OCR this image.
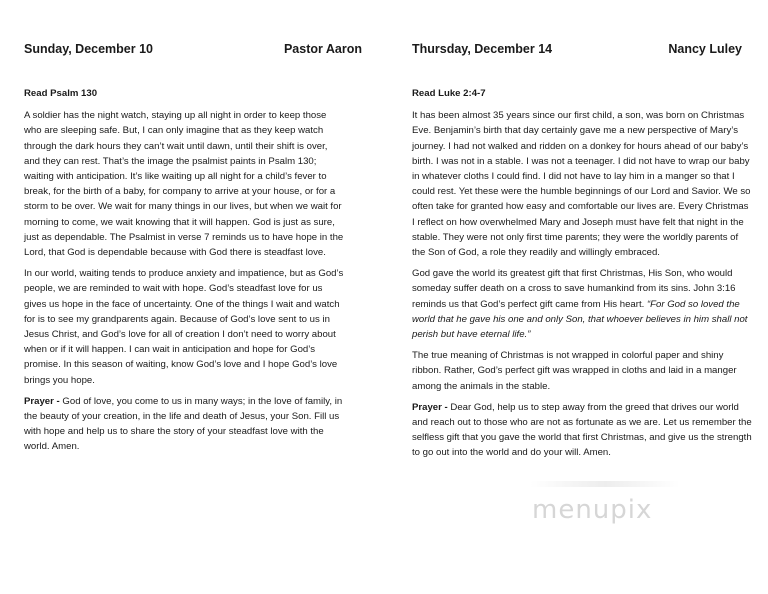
Sunday, December 10	Pastor Aaron
Read Psalm 130

A soldier has the night watch, staying up all night in order to keep those who are sleeping safe. But, I can only imagine that as they keep watch through the dark hours they can’t wait until dawn, until their shift is over, and they can rest. That’s the image the psalmist paints in Psalm 130; waiting with anticipation. It’s like waiting up all night for a child’s fever to break, for the birth of a baby, for company to arrive at your house, or for a storm to be over. We wait for many things in our lives, but when we wait for morning to come, we wait knowing that it will happen. God is just as sure, just as dependable. The Psalmist in verse 7 reminds us to have hope in the Lord, that God is dependable because with God there is steadfast love.

In our world, waiting tends to produce anxiety and impatience, but as God’s people, we are reminded to wait with hope. God’s steadfast love for us gives us hope in the face of uncertainty. One of the things I wait and watch for is to see my grandparents again. Because of God’s love sent to us in Jesus Christ, and God’s love for all of creation I don’t need to worry about when or if it will happen. I can wait in anticipation and hope for God’s promise. In this season of waiting, know God’s love and I hope God’s love brings you hope.

Prayer - God of love, you come to us in many ways; in the love of family, in the beauty of your creation, in the life and death of Jesus, your Son. Fill us with hope and help us to share the story of your steadfast love with the world. Amen.

Thursday, December 14	Nancy Luley
Read Luke 2:4-7

It has been almost 35 years since our first child, a son, was born on Christmas Eve. Benjamin’s birth that day certainly gave me a new perspective of Mary’s journey. I had not walked and ridden on a donkey for hours ahead of our baby’s birth. I was not in a stable. I was not a teenager. I did not have to wrap our baby in whatever cloths I could find. I did not have to lay him in a manger so that I could rest. Yet these were the humble beginnings of our Lord and Savior. We so often take for granted how easy and comfortable our lives are. Every Christmas I reflect on how overwhelmed Mary and Joseph must have felt that night in the stable. They were not only first time parents; they were the worldly parents of the Son of God, a role they readily and willingly embraced.

God gave the world its greatest gift that first Christmas, His Son, who would someday suffer death on a cross to save humankind from its sins. John 3:16 reminds us that God’s perfect gift came from His heart. “For God so loved the world that he gave his one and only Son, that whoever believes in him shall not perish but have eternal life.”

The true meaning of Christmas is not wrapped in colorful paper and shiny ribbon. Rather, God’s perfect gift was wrapped in cloths and laid in a manger among the animals in the stable.

Prayer - Dear God, help us to step away from the greed that drives our world and reach out to those who are not as fortunate as we are. Let us remember the selfless gift that you gave the world that first Christmas, and give us the strength to go out into the world and do your will. Amen.

menupix
